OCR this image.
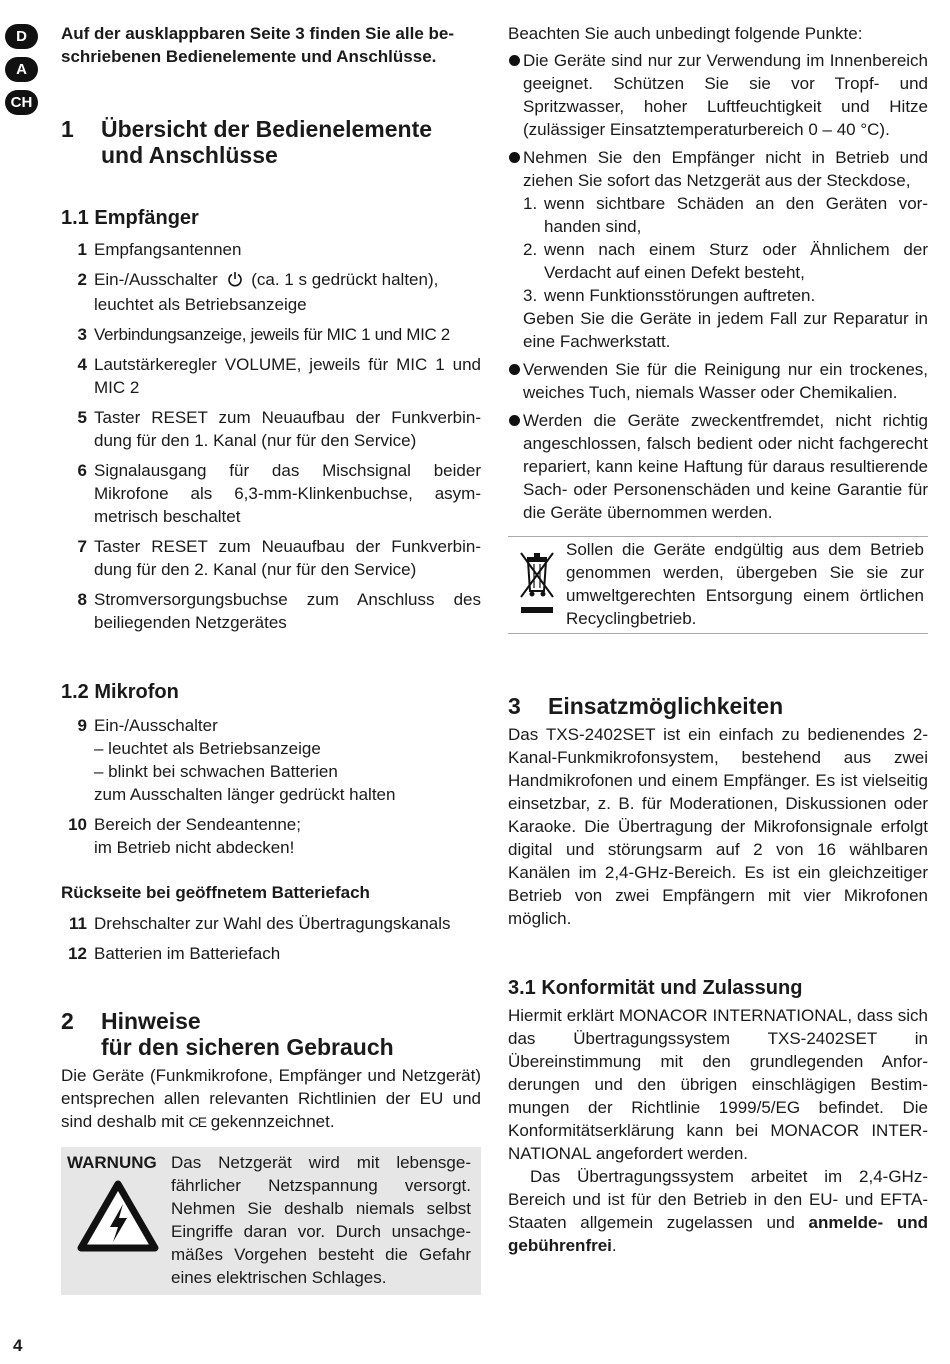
D
A
CH

Auf der ausklappbaren Seite 3 finden Sie alle beschriebenen Bedienelemente und Anschlüsse.

1	Übersicht der Bedienelemente
und Anschlüsse
1.1 Empfänger
1 Empfangsantennen
2 Ein-/Ausschalter (ca. 1 s gedrückt halten), leuchtet als Betriebsanzeige
3 Verbindungsanzeige, jeweils für MIC 1 und MIC 2
4 Lautstärkeregler VOLUME, jeweils für MIC 1 und MIC 2
5 Taster RESET zum Neuaufbau der Funkverbindung für den 1. Kanal (nur für den Service)
6 Signalausgang für das Mischsignal beider Mikrofone als 6,3-mm-Klinkenbuchse, asymmetrisch beschaltet
7 Taster RESET zum Neuaufbau der Funkverbindung für den 2. Kanal (nur für den Service)
8 Stromversorgungsbuchse zum Anschluss des beiliegenden Netzgerätes
1.2 Mikrofon
9 Ein-/Ausschalter
– leuchtet als Betriebsanzeige
– blinkt bei schwachen Batterien
zum Ausschalten länger gedrückt halten
10 Bereich der Sendeantenne;
im Betrieb nicht abdecken!
Rückseite bei geöffnetem Batteriefach
11 Drehschalter zur Wahl des Übertragungskanals
12 Batterien im Batteriefach
2	Hinweise
für den sicheren Gebrauch

Die Geräte (Funkmikrofone, Empfänger und Netzgerät) entsprechen allen relevanten Richtlinien der EU und sind deshalb mit CE gekennzeichnet.

WARNUNG Das Netzgerät wird mit lebensgefährlicher Netzspannung versorgt. Nehmen Sie deshalb niemals selbst Eingriffe daran vor. Durch unsachgemäßes Vorgehen besteht die Gefahr eines elektrischen Schlages.

Beachten Sie auch unbedingt folgende Punkte:

Die Geräte sind nur zur Verwendung im Innenbereich geeignet. Schützen Sie sie vor Tropf- und Spritzwasser, hoher Luftfeuchtigkeit und Hitze (zulässiger Einsatztemperaturbereich 0 – 40 °C).
Nehmen Sie den Empfänger nicht in Betrieb und ziehen Sie sofort das Netzgerät aus der Steckdose,
1. wenn sichtbare Schäden an den Geräten vorhanden sind,
2. wenn nach einem Sturz oder Ähnlichem der Verdacht auf einen Defekt besteht,
3. wenn Funktionsstörungen auftreten.
Geben Sie die Geräte in jedem Fall zur Reparatur in eine Fachwerkstatt.
Verwenden Sie für die Reinigung nur ein trockenes, weiches Tuch, niemals Wasser oder Chemikalien.
Werden die Geräte zweckentfremdet, nicht richtig angeschlossen, falsch bedient oder nicht fachgerecht repariert, kann keine Haftung für daraus resultierende Sach- oder Personenschäden und keine Garantie für die Geräte übernommen werden.
Sollen die Geräte endgültig aus dem Betrieb genommen werden, übergeben Sie sie zur umweltgerechten Entsorgung einem örtlichen Recyclingbetrieb.
3	Einsatzmöglichkeiten

Das TXS-2402SET ist ein einfach zu bedienendes 2-Kanal-Funkmikrofonsystem, bestehend aus zwei Handmikrofonen und einem Empfänger. Es ist vielseitig einsetzbar, z. B. für Moderationen, Diskussionen oder Karaoke. Die Übertragung der Mikrofonsignale erfolgt digital und störungsarm auf 2 von 16 wählbaren Kanälen im 2,4-GHz-Bereich. Es ist ein gleichzeitiger Betrieb von zwei Empfängern mit vier Mikrofonen möglich.

3.1 Konformität und Zulassung

Hiermit erklärt MONACOR INTERNATIONAL, dass sich das Übertragungssystem TXS-2402SET in Übereinstimmung mit den grundlegenden Anforderungen und den übrigen einschlägigen Bestimmungen der Richtlinie 1999/5/EG befindet. Die Konformitätserklärung kann bei MONACOR INTERNATIONAL angefordert werden.

Das Übertragungssystem arbeitet im 2,4-GHz-Bereich und ist für den Betrieb in den EU- und EFTA-Staaten allgemein zugelassen und anmelde- und gebührenfrei.

4
